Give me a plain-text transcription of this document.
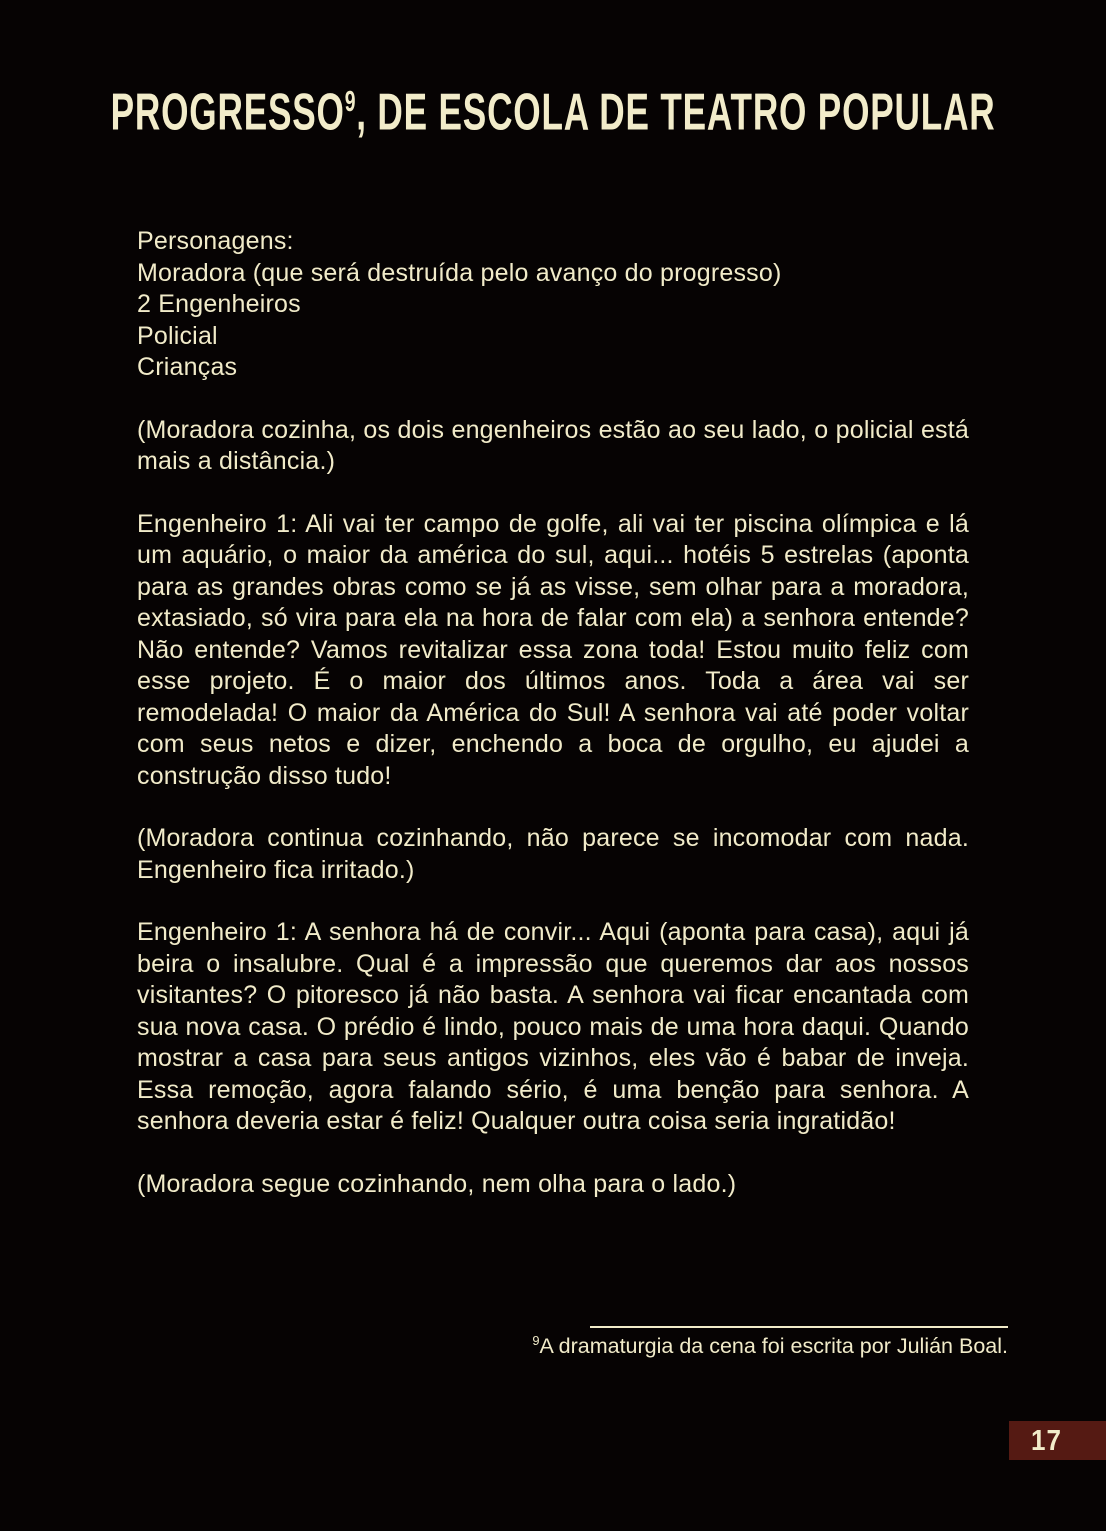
PROGRESSO$^9$, DE ESCOLA DE TEATRO POPULAR
Personagens:
Moradora (que será destruída pelo avanço do progresso)
2 Engenheiros
Policial
Crianças

(Moradora cozinha, os dois engenheiros estão ao seu lado, o policial está mais a distância.)

Engenheiro 1: Ali vai ter campo de golfe, ali vai ter piscina olímpica e lá um aquário, o maior da américa do sul, aqui... hotéis 5 estrelas (aponta para as grandes obras como se já as visse, sem olhar para a moradora, extasiado, só vira para ela na hora de falar com ela) a senhora entende? Não entende? Vamos revitalizar essa zona toda! Estou muito feliz com esse projeto. É o maior dos últimos anos. Toda a área vai ser remodelada! O maior da América do Sul! A senhora vai até poder voltar com seus netos e dizer, enchendo a boca de orgulho, eu ajudei a construção disso tudo!

(Moradora continua cozinhando, não parece se incomodar com nada. Engenheiro fica irritado.)

Engenheiro 1: A senhora há de convir... Aqui (aponta para casa), aqui já beira o insalubre. Qual é a impressão que queremos dar aos nossos visitantes? O pitoresco já não basta. A senhora vai ficar encantada com sua nova casa. O prédio é lindo, pouco mais de uma hora daqui. Quando mostrar a casa para seus antigos vizinhos, eles vão é babar de inveja. Essa remoção, agora falando sério, é uma benção para senhora. A senhora deveria estar é feliz! Qualquer outra coisa seria ingratidão!

(Moradora segue cozinhando, nem olha para o lado.)

$^9$A dramaturgia da cena foi escrita por Julián Boal.
17
